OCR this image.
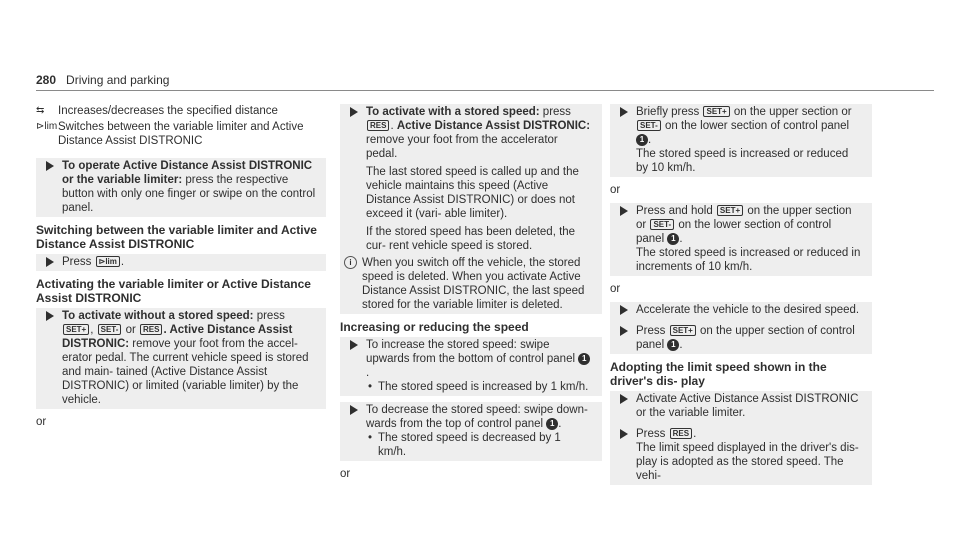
280 Driving and parking
⇆	Increases/decreases the specified distance
⊳lim Switches between the variable limiter and Active Distance Assist DISTRONIC
To operate Active Distance Assist DISTRONIC or the variable limiter: press the respective button with only one finger or swipe on the control panel.
Switching between the variable limiter and Active Distance Assist DISTRONIC
Press ⊳lim .
Activating the variable limiter or Active Distance Assist DISTRONIC
To activate without a stored speed: press SET+ , SET- or RES . Active Distance Assist DISTRONIC: remove your foot from the accel- erator pedal. The current vehicle speed is stored and main- tained (Active Distance Assist DISTRONIC) or limited (variable limiter) by the vehicle.
or

To activate with a stored speed: press RES . Active Distance Assist DISTRONIC: remove your foot from the accelerator pedal.

The last stored speed is called up and the vehicle maintains this speed (Active Distance Assist DISTRONIC) or does not exceed it (vari- able limiter).

If the stored speed has been deleted, the cur- rent vehicle speed is stored.

i When you switch off the vehicle, the stored speed is deleted. When you activate Active Distance Assist DISTRONIC, the last speed stored for the variable limiter is deleted.
Increasing or reducing the speed
To increase the stored speed: swipe upwards from the bottom of control panel 1.
• The stored speed is increased by 1 km/h.
To decrease the stored speed: swipe down- wards from the top of control panel 1 .
• The stored speed is decreased by 1 km/h.
or

Briefly press SET+ on the upper section or SET- on the lower section of control panel 1 .

The stored speed is increased or reduced by 10 km/h.

or

Press and hold SET+ on the upper section or SET- on the lower section of control panel 1 .

The stored speed is increased or reduced in increments of 10 km/h.

or
Accelerate the vehicle to the desired speed.
Press SET+ on the upper section of control panel 1 .
Adopting the limit speed shown in the driver's dis- play
Activate Active Distance Assist DISTRONIC or the variable limiter.

Press RES .

The limit speed displayed in the driver's dis- play is adopted as the stored speed. The vehi-
